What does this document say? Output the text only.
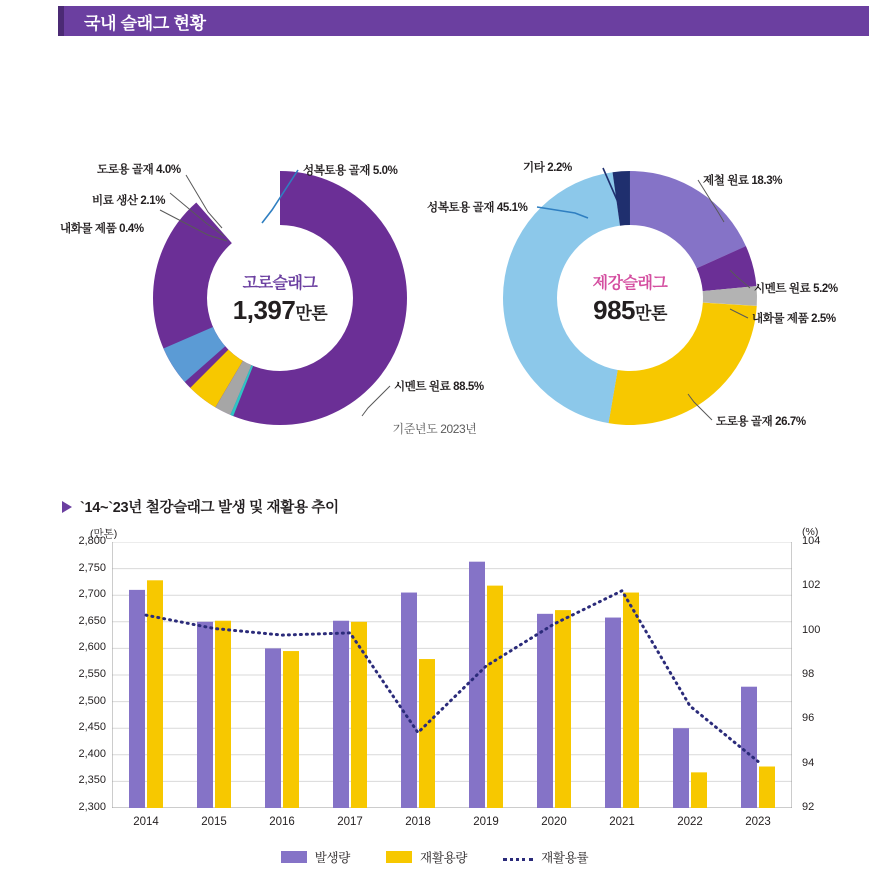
국내 슬래그 현황
고로슬래그
1,397만톤
도로용 골재 4.0%
비료 생산 2.1%
내화물 제품 0.4%
성복토용 골재 5.0%
시멘트 원료 88.5%
제강슬래그
985만톤
기타 2.2%
성복토용 골재 45.1%
제철 원료 18.3%
시멘트 원료 5.2%
내화물 제품 2.5%
도로용 골재 26.7%
기준년도 2023년
`14~`23년 철강슬래그 발생 및 재활용 추이
(만톤)	(%)
2,300
2,350
2,400
2,450
2,500
2,550
2,600
2,650
2,700
2,750
2,800
92
94
96
98
100
102
104
2014	2015	2016	2017	2018	2019	2020	2021	2022	2023
발생량	재활용량	재활용률
